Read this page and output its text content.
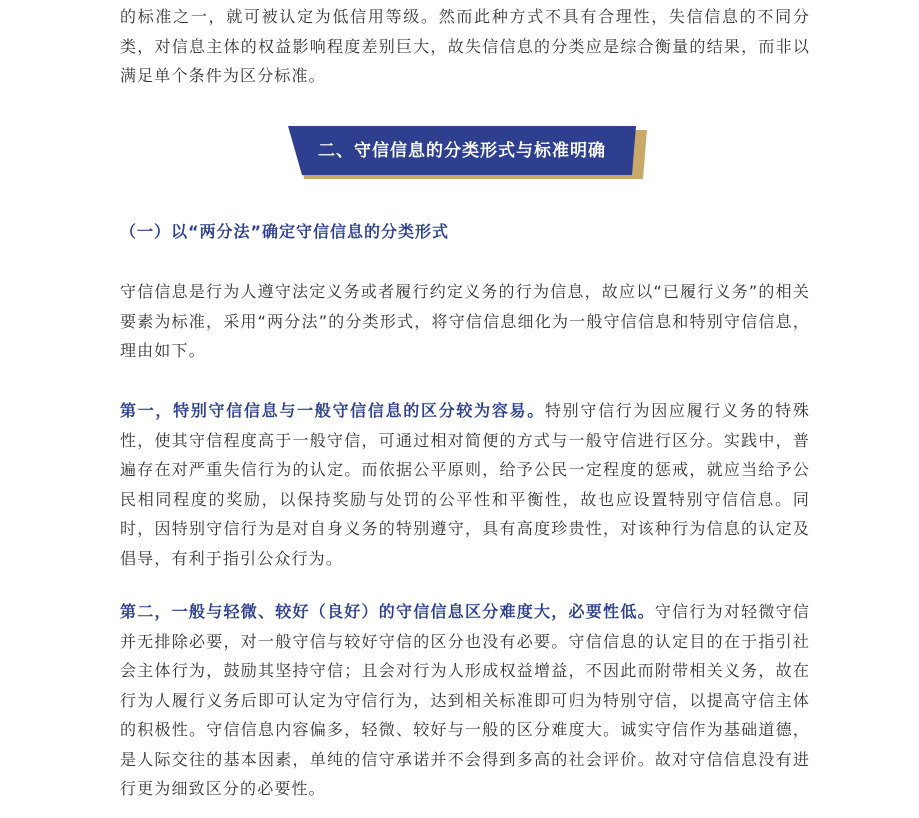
的标准之一，就可被认定为低信用等级。然而此种方式不具有合理性，失信信息的不同分类，对信息主体的权益影响程度差别巨大，故失信信息的分类应是综合衡量的结果，而非以满足单个条件为区分标准。

二、守信信息的分类形式与标准明确
（一）以“两分法”确定守信信息的分类形式

守信信息是行为人遵守法定义务或者履行约定义务的行为信息，故应以“已履行义务”的相关要素为标准，采用“两分法”的分类形式，将守信信息细化为一般守信信息和特别守信信息，理由如下。

第一，特别守信信息与一般守信信息的区分较为容易。特别守信行为因应履行义务的特殊性，使其守信程度高于一般守信，可通过相对简便的方式与一般守信进行区分。实践中，普遍存在对严重失信行为的认定。而依据公平原则，给予公民一定程度的惩戒，就应当给予公民相同程度的奖励，以保持奖励与处罚的公平性和平衡性，故也应设置特别守信信息。同时，因特别守信行为是对自身义务的特别遵守，具有高度珍贵性，对该种行为信息的认定及倡导，有利于指引公众行为。

第二，一般与轻微、较好（良好）的守信信息区分难度大，必要性低。守信行为对轻微守信并无排除必要，对一般守信与较好守信的区分也没有必要。守信信息的认定目的在于指引社会主体行为，鼓励其坚持守信；且会对行为人形成权益增益，不因此而附带相关义务，故在行为人履行义务后即可认定为守信行为，达到相关标准即可归为特别守信，以提高守信主体的积极性。守信信息内容偏多，轻微、较好与一般的区分难度大。诚实守信作为基础道德，是人际交往的基本因素，单纯的信守承诺并不会得到多高的社会评价。故对守信信息没有进行更为细致区分的必要性。
